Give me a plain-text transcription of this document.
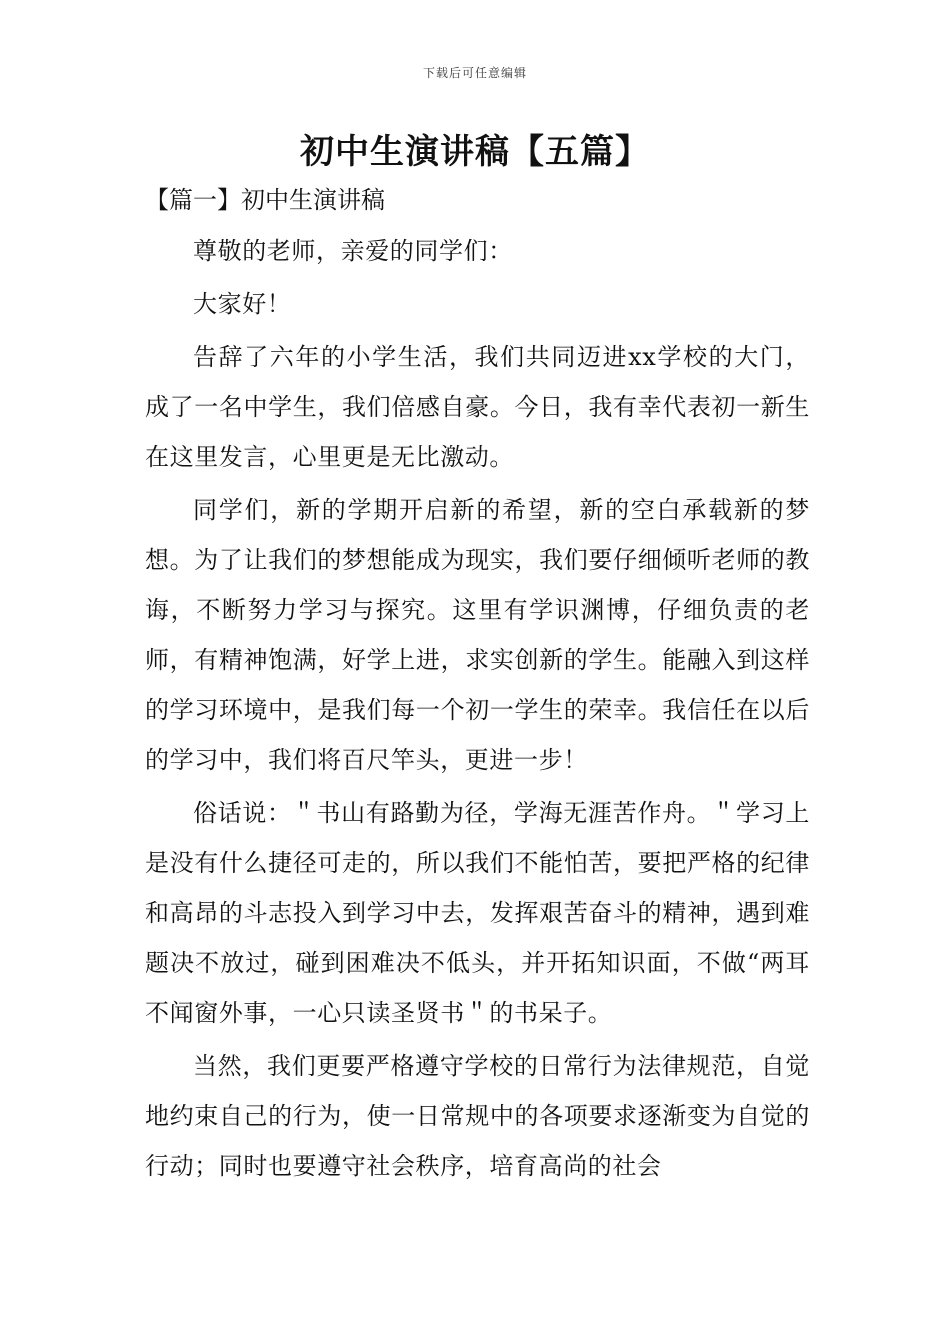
下载后可任意编辑
初中生演讲稿【五篇】
【篇一】初中生演讲稿

尊敬的老师，亲爱的同学们：

大家好！

告辞了六年的小学生活，我们共同迈进xx学校的大门，成了一名中学生，我们倍感自豪。今日，我有幸代表初一新生在这里发言，心里更是无比激动。

同学们，新的学期开启新的希望，新的空白承载新的梦想。为了让我们的梦想能成为现实，我们要仔细倾听老师的教诲，不断努力学习与探究。这里有学识渊博，仔细负责的老师，有精神饱满，好学上进，求实创新的学生。能融入到这样的学习环境中，是我们每一个初一学生的荣幸。我信任在以后的学习中，我们将百尺竿头，更进一步！

俗话说：＂书山有路勤为径，学海无涯苦作舟。＂学习上是没有什么捷径可走的，所以我们不能怕苦，要把严格的纪律和高昂的斗志投入到学习中去，发挥艰苦奋斗的精神，遇到难题决不放过，碰到困难决不低头，并开拓知识面，不做“两耳不闻窗外事，一心只读圣贤书＂的书呆子。

当然，我们更要严格遵守学校的日常行为法律规范，自觉地约束自己的行为，使一日常规中的各项要求逐渐变为自觉的行动；同时也要遵守社会秩序，培育高尚的社会
